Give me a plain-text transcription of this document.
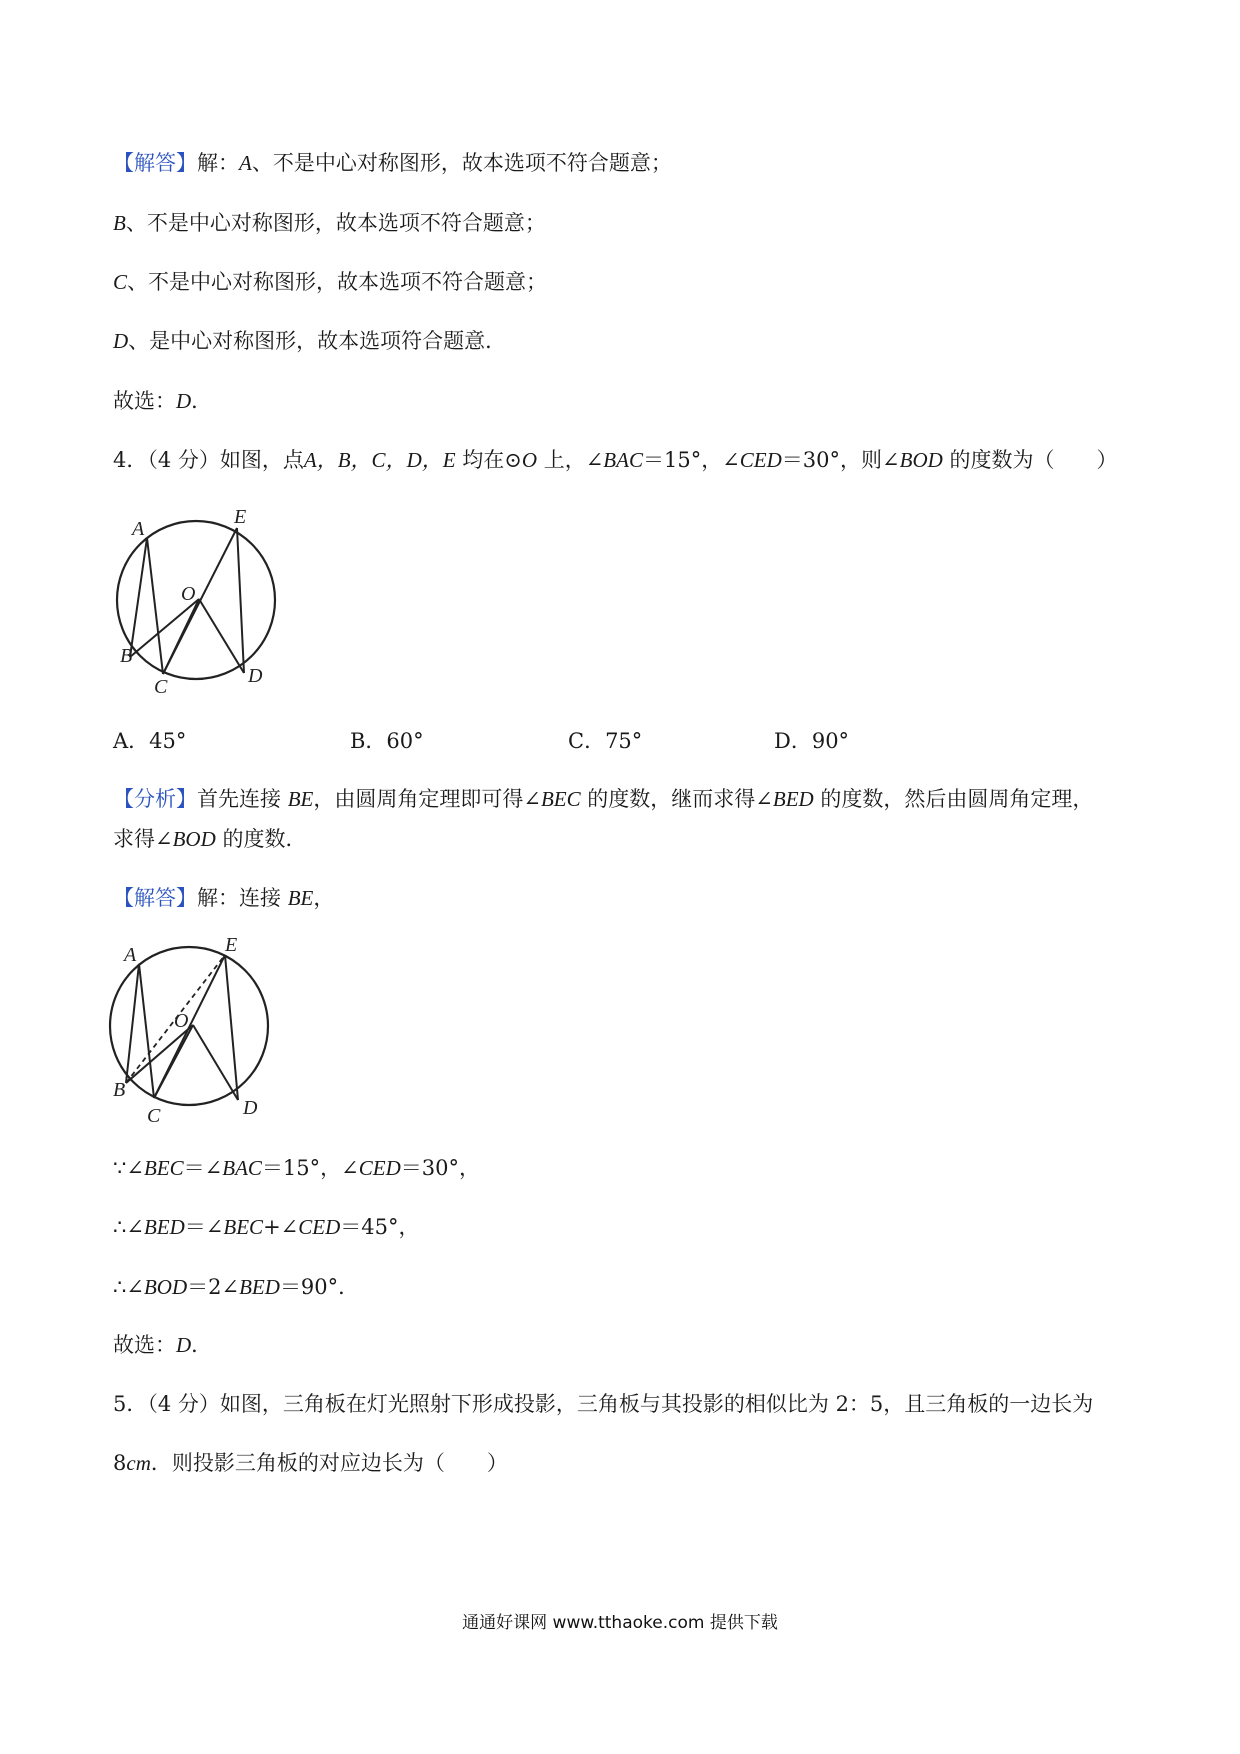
【解答】解：A、不是中心对称图形，故本选项不符合题意；
B、不是中心对称图形，故本选项不符合题意；
C、不是中心对称图形，故本选项不符合题意；
D、是中心对称图形，故本选项符合题意．
故选：D．
4．（4 分）如图，点A，B，C，D，E 均在⊙O 上，∠BAC＝15°，∠CED＝30°，则∠BOD 的度数为（　　）
A
E
O
B
C	D
A．45°	B．60°	C．75°	D．90°
【分析】首先连接 BE，由圆周角定理即可得∠BEC 的度数，继而求得∠BED 的度数，然后由圆周角定理，
求得∠BOD 的度数．
【解答】解：连接 BE，
A	E
O
B
C	D
∵∠BEC＝∠BAC＝15°，∠CED＝30°，
∴∠BED＝∠BEC+∠CED＝45°，
∴∠BOD＝2∠BED＝90°．
故选：D．
5．（4 分）如图，三角板在灯光照射下形成投影，三角板与其投影的相似比为 2：5，且三角板的一边长为
8cm．则投影三角板的对应边长为（　　）
通通好课网 www.tthaoke.com 提供下载
